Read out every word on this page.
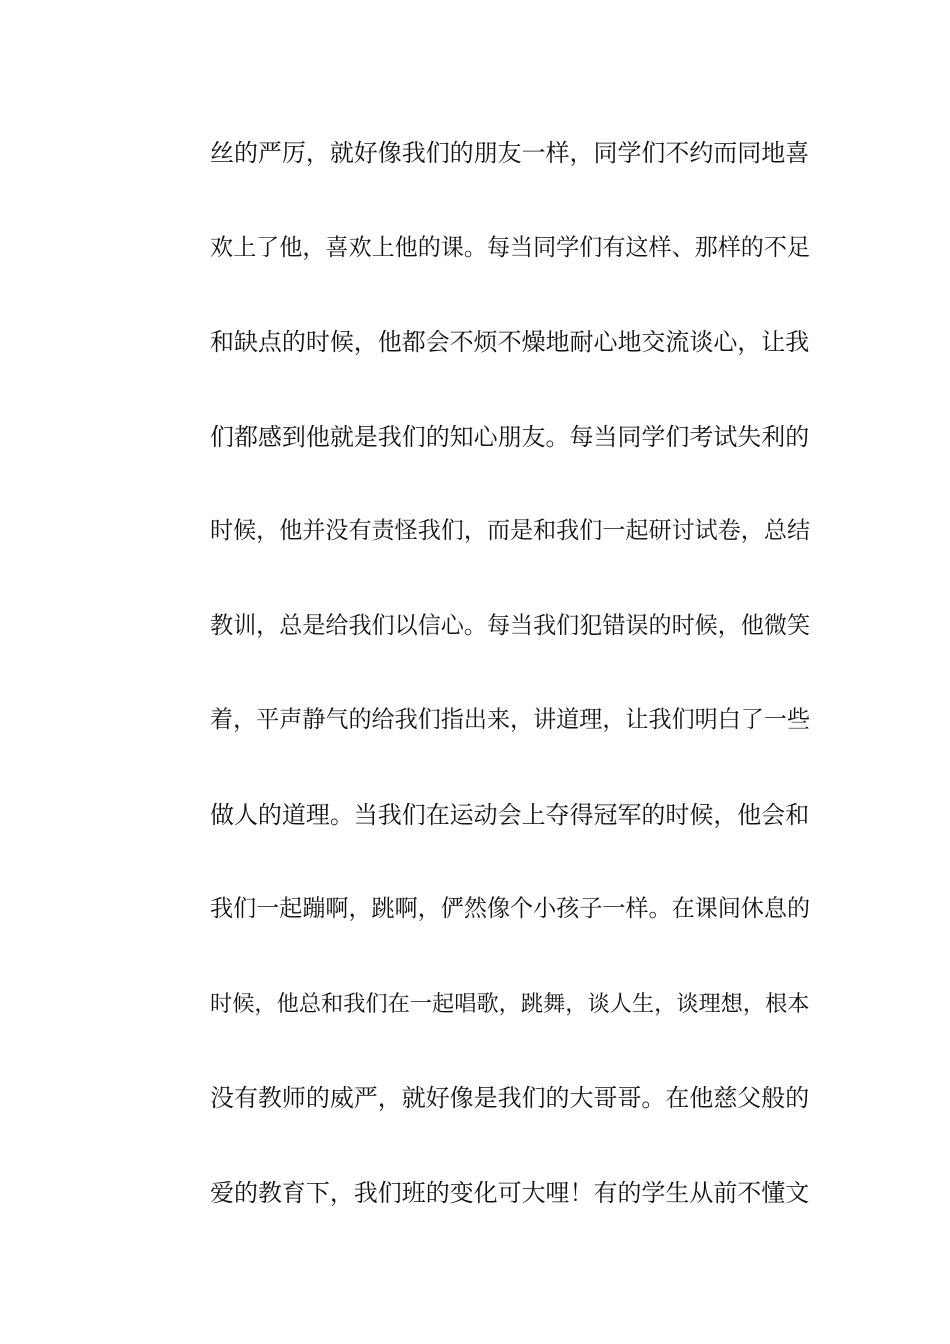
丝的严厉，就好像我们的朋友一样，同学们不约而同地喜
欢上了他，喜欢上他的课。每当同学们有这样、那样的不足
和缺点的时候，他都会不烦不燥地耐心地交流谈心，让我
们都感到他就是我们的知心朋友。每当同学们考试失利的
时候，他并没有责怪我们，而是和我们一起研讨试卷，总结
教训，总是给我们以信心。每当我们犯错误的时候，他微笑
着，平声静气的给我们指出来，讲道理，让我们明白了一些
做人的道理。当我们在运动会上夺得冠军的时候，他会和
我们一起蹦啊，跳啊，俨然像个小孩子一样。在课间休息的
时候，他总和我们在一起唱歌，跳舞，谈人生，谈理想，根本
没有教师的威严，就好像是我们的大哥哥。在他慈父般的
爱的教育下，我们班的变化可大哩！有的学生从前不懂文
